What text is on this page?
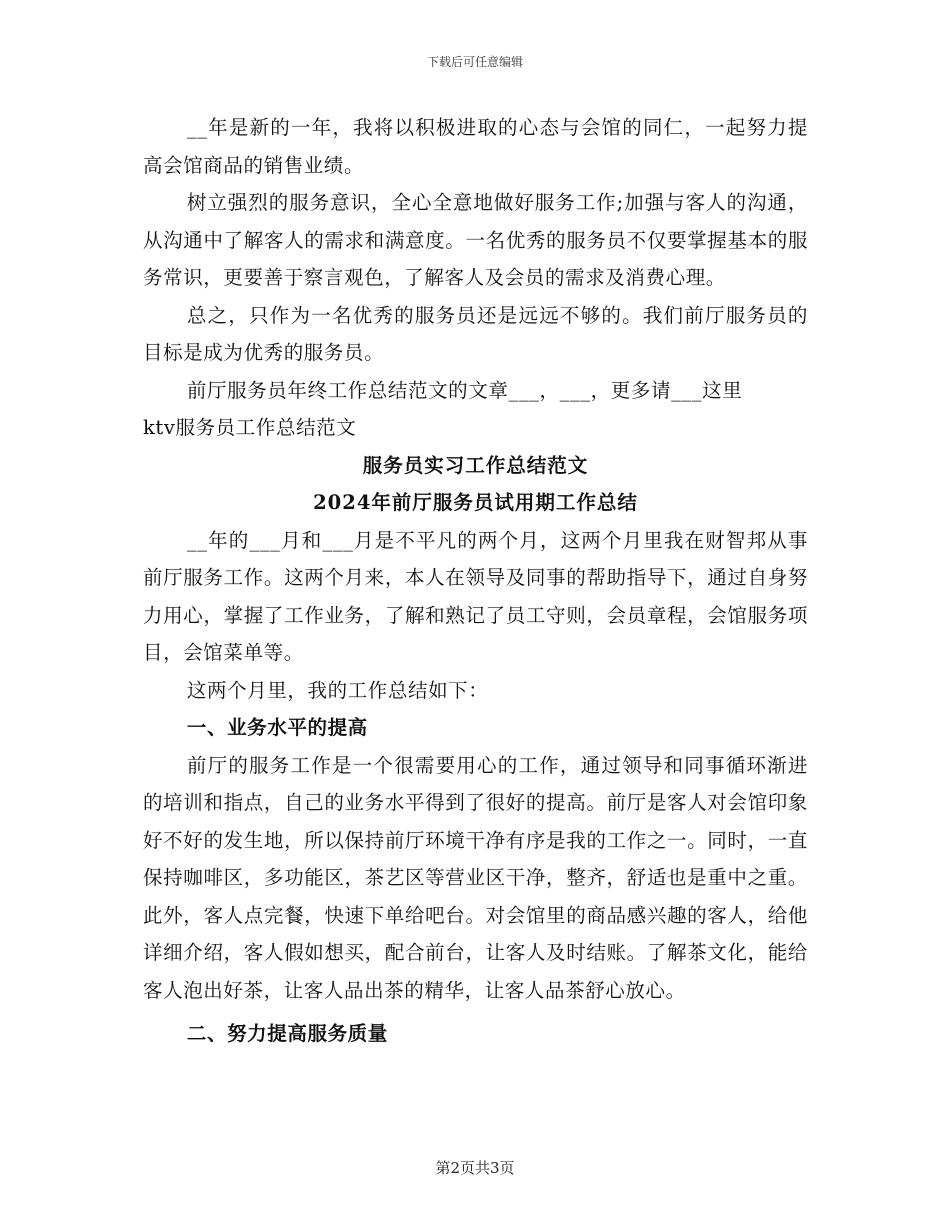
下载后可任意编辑

__年是新的一年，我将以积极进取的心态与会馆的同仁，一起努力提高会馆商品的销售业绩。

树立强烈的服务意识，全心全意地做好服务工作;加强与客人的沟通，从沟通中了解客人的需求和满意度。一名优秀的服务员不仅要掌握基本的服务常识，更要善于察言观色，了解客人及会员的需求及消费心理。

总之，只作为一名优秀的服务员还是远远不够的。我们前厅服务员的目标是成为优秀的服务员。

前厅服务员年终工作总结范文的文章___，___，更多请___这里

ktv服务员工作总结范文

服务员实习工作总结范文

2024年前厅服务员试用期工作总结

__年的___月和___月是不平凡的两个月，这两个月里我在财智邦从事前厅服务工作。这两个月来，本人在领导及同事的帮助指导下，通过自身努力用心，掌握了工作业务，了解和熟记了员工守则，会员章程，会馆服务项目，会馆菜单等。

这两个月里，我的工作总结如下：

一、业务水平的提高

前厅的服务工作是一个很需要用心的工作，通过领导和同事循环渐进的培训和指点，自己的业务水平得到了很好的提高。前厅是客人对会馆印象好不好的发生地，所以保持前厅环境干净有序是我的工作之一。同时，一直保持咖啡区，多功能区，茶艺区等营业区干净，整齐，舒适也是重中之重。此外，客人点完餐，快速下单给吧台。对会馆里的商品感兴趣的客人，给他详细介绍，客人假如想买，配合前台，让客人及时结账。了解茶文化，能给客人泡出好茶，让客人品出茶的精华，让客人品茶舒心放心。

二、努力提高服务质量

第2页共3页
